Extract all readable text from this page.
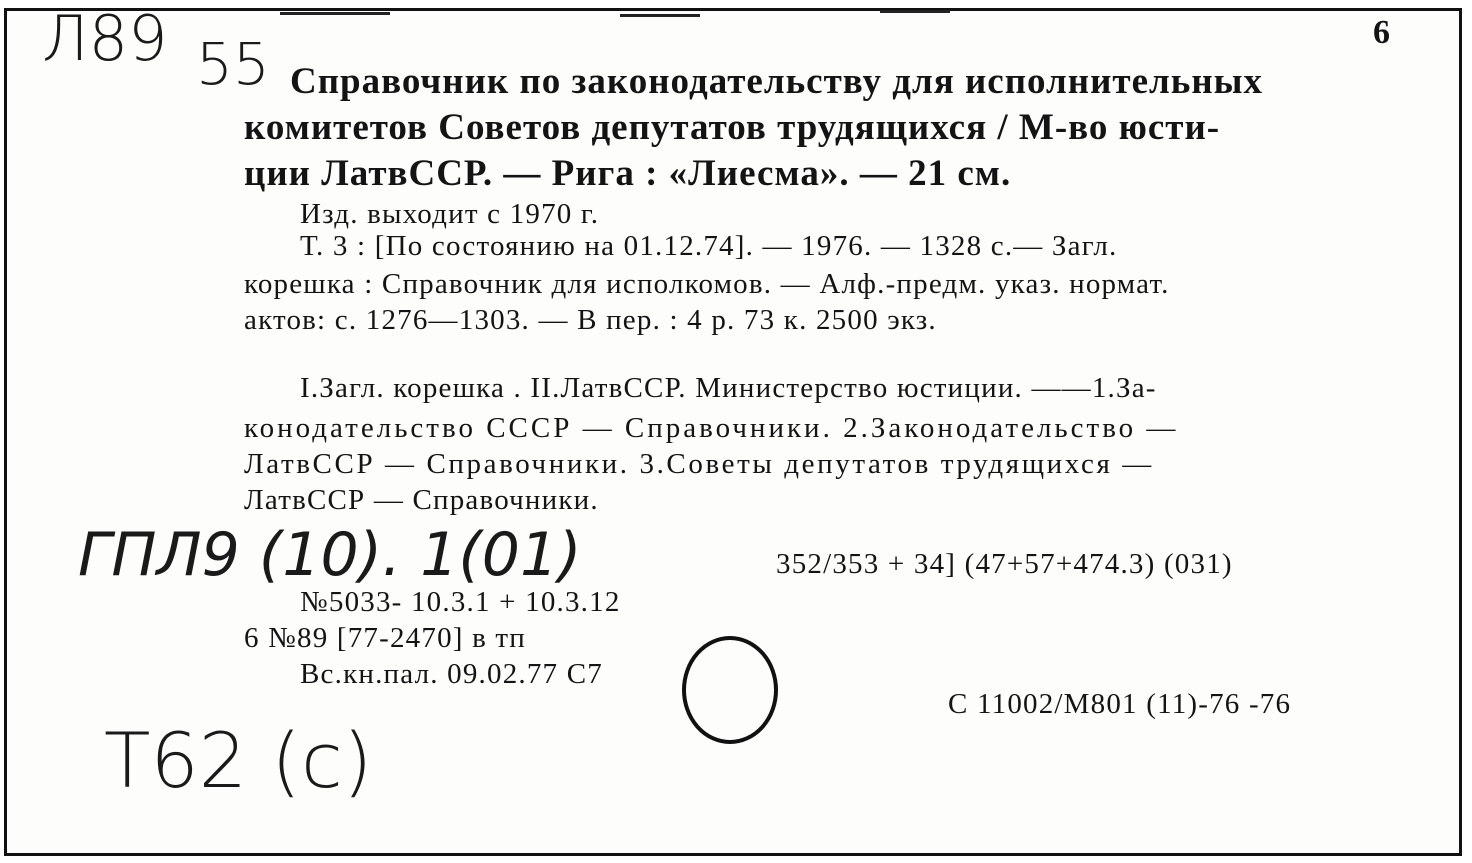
Л89 55
ГПЛ9 (10). 1(01)
Т62 (с)
6
Справочник по законодательству для исполнительных
комитетов Советов депутатов трудящихся / М-во юсти-
ции ЛатвССР. — Рига : «Лиесма». — 21 см.
Изд. выходит с 1970 г.
Т. 3 : [По состоянию на 01.12.74]. — 1976. — 1328 с.— Загл.
корешка : Справочник для исполкомов. — Алф.-предм. указ. нормат.
актов: с. 1276—1303. — В пер. : 4 р. 73 к. 2500 экз.
I.Загл. корешка . II.ЛатвССР. Министерство юстиции. ——1.За-
конодательство СССР — Справочники. 2.Законодательство —
ЛатвССР — Справочники. 3.Советы депутатов трудящихся —
ЛатвССР — Справочники.
352/353 + 34] (47+57+474.3) (031)
№5033- 10.3.1 + 10.3.12
6 №89 [77-2470] в тп
Вс.кн.пал. 09.02.77 С7
С 11002/М801 (11)-76 -76
